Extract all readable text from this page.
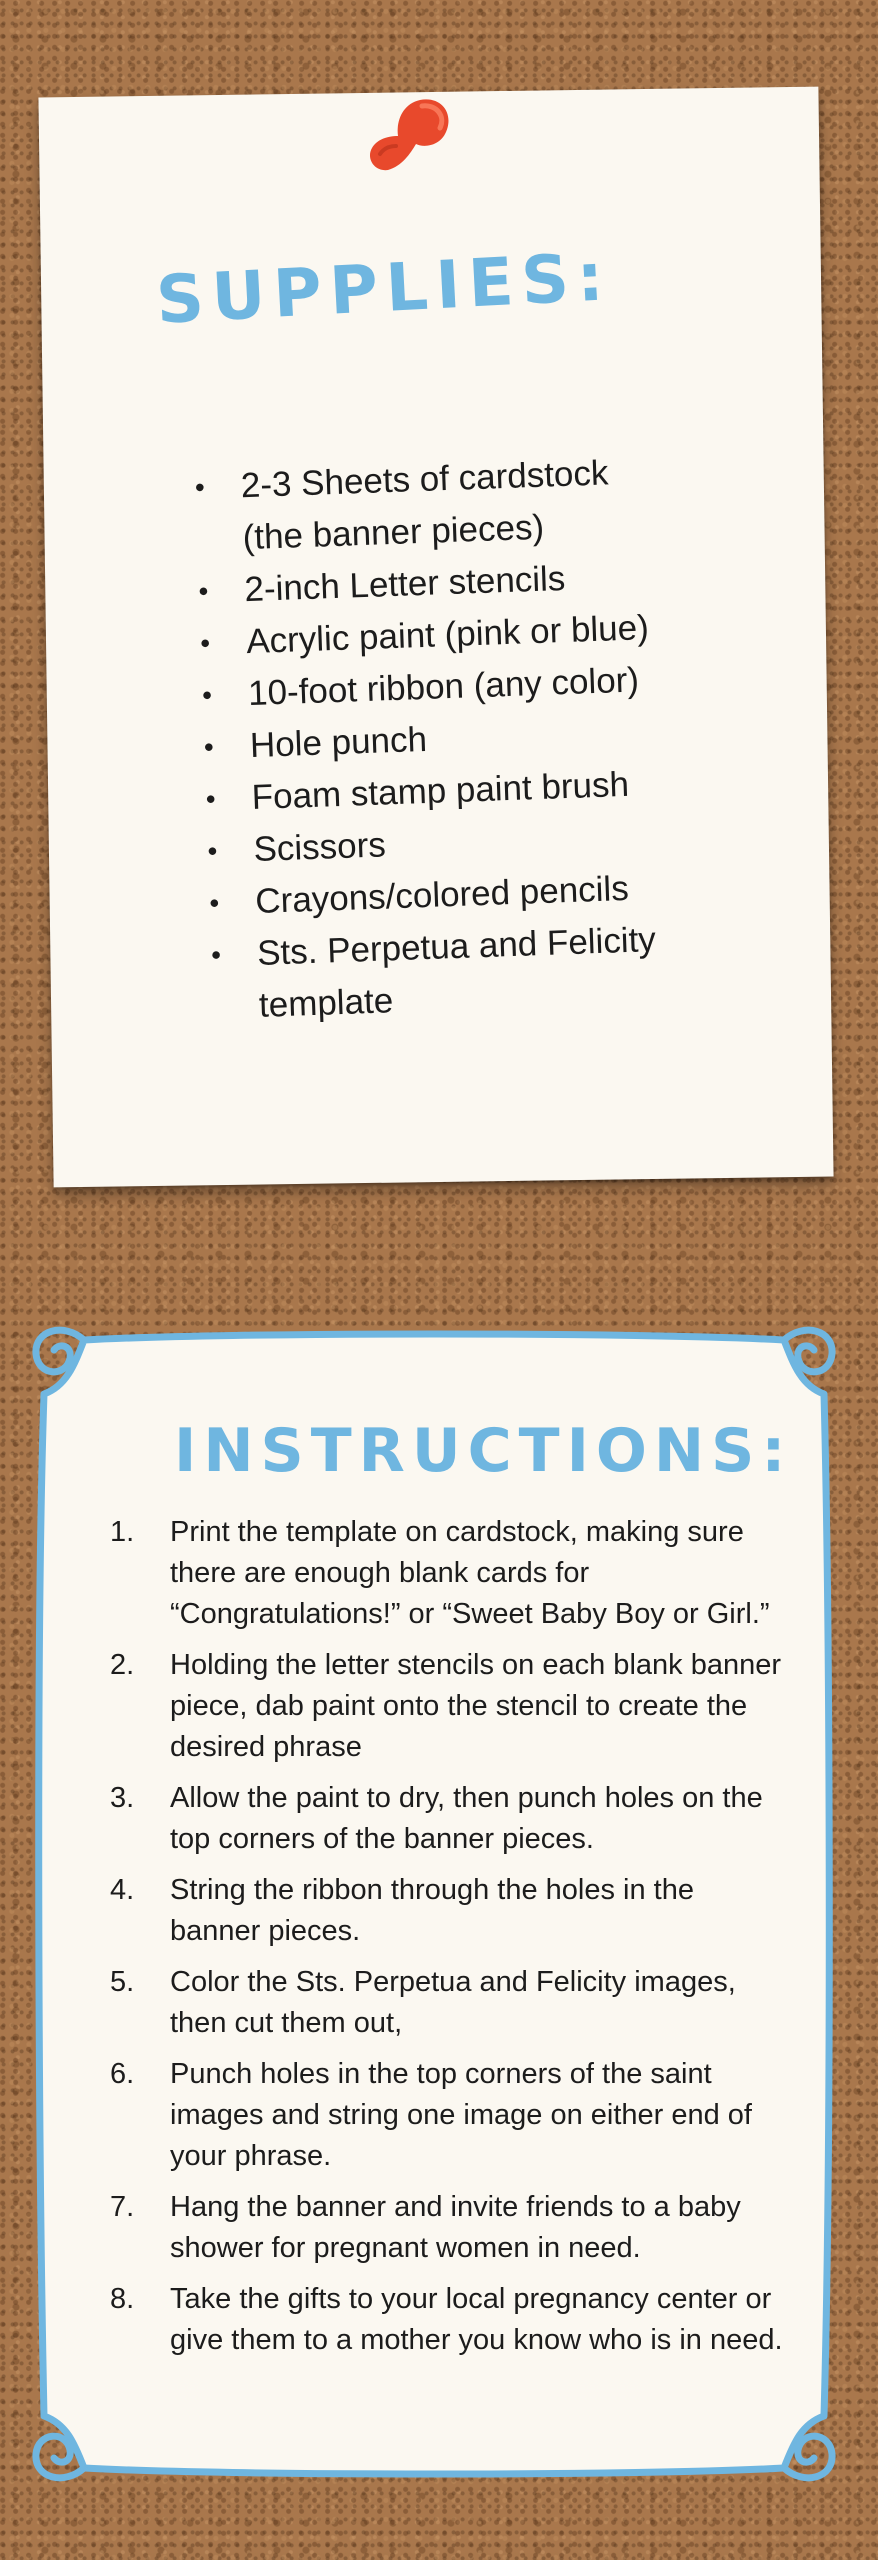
SUPPLIES:
• 2-3 Sheets of cardstock
(the banner pieces)
• 2-inch Letter stencils
• Acrylic paint (pink or blue)
• 10-foot ribbon (any color)
• Hole punch
• Foam stamp paint brush
• Scissors
• Crayons/colored pencils
• Sts. Perpetua and Felicity
template
INSTRUCTIONS:
1.	Print the template on cardstock, making sure there are enough blank cards for “Congratulations!” or “Sweet Baby Boy or Girl.”
2.	Holding the letter stencils on each blank banner piece, dab paint onto the stencil to create the desired phrase
3.	Allow the paint to dry, then punch holes on the top corners of the banner pieces.
4.	String the ribbon through the holes in the banner pieces.
5.	Color the Sts. Perpetua and Felicity images, then cut them out,
6.	Punch holes in the top corners of the saint images and string one image on either end of your phrase.
7.	Hang the banner and invite friends to a baby shower for pregnant women in need.
8.	Take the gifts to your local pregnancy center or give them to a mother you know who is in need.
